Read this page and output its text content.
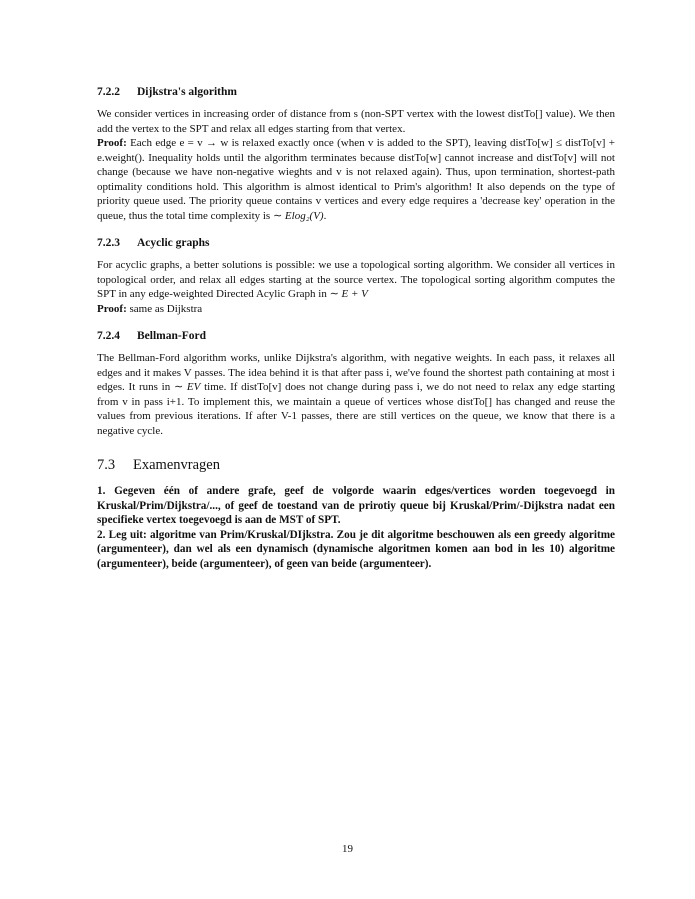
7.2.2 Dijkstra's algorithm

We consider vertices in increasing order of distance from s (non-SPT vertex with the lowest distTo[] value). We then add the vertex to the SPT and relax all edges starting from that vertex.
Proof: Each edge e = v → w is relaxed exactly once (when v is added to the SPT), leaving distTo[w] ≤ distTo[v] + e.weight(). Inequality holds until the algorithm terminates because distTo[w] cannot increase and distTo[v] will not change (because we have non-negative wieghts and v is not relaxed again). Thus, upon termination, shortest-path optimality conditions hold. This algorithm is almost identical to Prim's algorithm! It also depends on the type of priority queue used. The priority queue contains v vertices and every edge requires a 'decrease key' operation in the queue, thus the total time complexity is ∼ Elog₂(V).

7.2.3 Acyclic graphs

For acyclic graphs, a better solutions is possible: we use a topological sorting algorithm. We consider all vertices in topological order, and relax all edges starting at the source vertex. The topological sorting algorithm computes the SPT in any edge-weighted Directed Acylic Graph in ∼ E + V
Proof: same as Dijkstra

7.2.4 Bellman-Ford

The Bellman-Ford algorithm works, unlike Dijkstra's algorithm, with negative weights. In each pass, it relaxes all edges and it makes V passes. The idea behind it is that after pass i, we've found the shortest path containing at most i edges. It runs in ∼ EV time. If distTo[v] does not change during pass i, we do not need to relax any edge starting from v in pass i+1. To implement this, we maintain a queue of vertices whose distTo[] has changed and reuse the values from previous iterations. If after V-1 passes, there are still vertices on the queue, we know that there is a negative cycle.

7.3 Examenvragen

1. Gegeven één of andere grafe, geef de volgorde waarin edges/vertices worden toegevoegd in Kruskal/Prim/Dijkstra/..., of geef de toestand van de prirotiy queue bij Kruskal/Prim/-Dijkstra nadat een specifieke vertex toegevoegd is aan de MST of SPT.

2. Leg uit: algoritme van Prim/Kruskal/DIjkstra. Zou je dit algoritme beschouwen als een greedy algoritme (argumenteer), dan wel als een dynamisch (dynamische algoritmen komen aan bod in les 10) algoritme (argumenteer), beide (argumenteer), of geen van beide (argumenteer).

19
